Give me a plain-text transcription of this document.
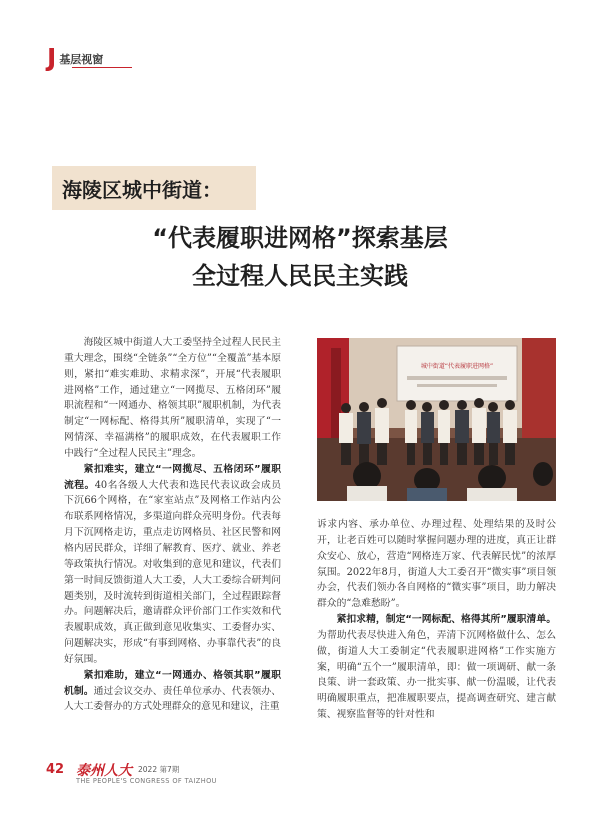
J 基层视窗
海陵区城中街道：
“代表履职进网格”探索基层
全过程人民民主实践

海陵区城中街道人大工委坚持全过程人民民主重大理念，围绕“全链条”“全方位”“全覆盖”基本原则，紧扣“难实难助、求精求深”，开展“代表履职进网格”工作，通过建立“一网揽尽、五格闭环”履职流程和“一网通办、格领其职”履职机制，为代表制定“一网标配、格得其所”履职清单，实现了“一网情深、幸福满格”的履职成效，在代表履职工作中践行“全过程人民民主”理念。

紧扣难实，建立“一网揽尽、五格闭环”履职流程。40名各级人大代表和选民代表议政会成员下沉66个网格，在“家室站点”及网格工作站内公布联系网格情况，多渠道向群众亮明身份。代表每月下沉网格走访，重点走访网格员、社区民警和网格内居民群众，详细了解教育、医疗、就业、养老等政策执行情况。对收集到的意见和建议，代表们第一时间反馈街道人大工委，人大工委综合研判问题类别，及时流转到街道相关部门，全过程跟踪督办。问题解决后，邀请群众评价部门工作实效和代表履职成效，真正做到意见收集实、工委督办实、问题解决实，形成“有事到网格、办事靠代表”的良好氛围。

紧扣难助，建立“一网通办、格领其职”履职机制。通过会议交办、责任单位承办、代表领办、人大工委督办的方式处理群众的意见和建议，注重

城中街道“代表履职进网格”

诉求内容、承办单位、办理过程、处理结果的及时公开，让老百姓可以随时掌握问题办理的进度，真正让群众安心、放心，营造“网格连万家、代表解民忧”的浓厚氛围。2022年8月，街道人大工委召开“微实事”项目领办会，代表们领办各自网格的“微实事”项目，助力解决群众的“急难愁盼”。

紧扣求精，制定“一网标配、格得其所”履职清单。为帮助代表尽快进入角色，弄清下沉网格做什么、怎么做，街道人大工委制定“代表履职进网格”工作实施方案，明确“五个一”履职清单，即：做一项调研、献一条良策、讲一套政策、办一批实事、献一份温暖，让代表明确履职重点，把准履职要点，提高调查研究、建言献策、视察监督等的针对性和

42 泰州人大 2022 第7期
THE PEOPLE'S CONGRESS OF TAIZHOU
